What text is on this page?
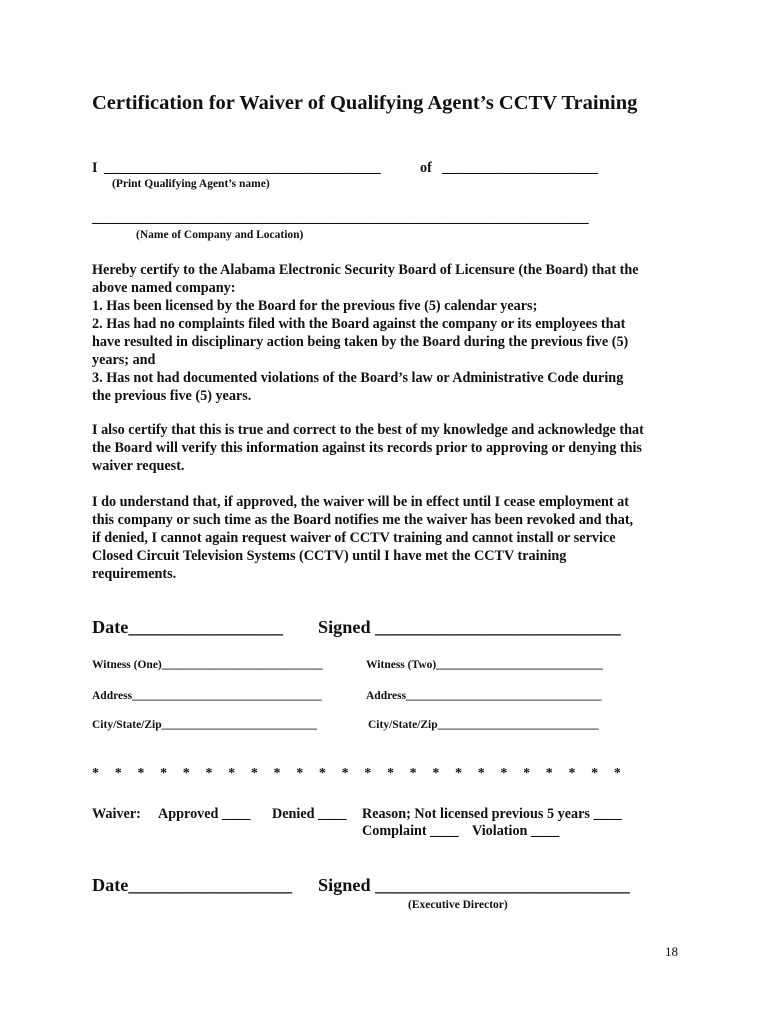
Certification for Waiver of Qualifying Agent’s CCTV Training
I _______________________________________	of ______________________
(Print Qualifying Agent’s name)
______________________________________________________________________
(Name of Company and Location)
Hereby certify to the Alabama Electronic Security Board of Licensure (the Board) that the
above named company:
1. Has been licensed by the Board for the previous five (5) calendar years;
2. Has had no complaints filed with the Board against the company or its employees that
have resulted in disciplinary action being taken by the Board during the previous five (5)
years; and
3. Has not had documented violations of the Board’s law or Administrative Code during
the previous five (5) years.
I also certify that this is true and correct to the best of my knowledge and acknowledge that
the Board will verify this information against its records prior to approving or denying this
waiver request.
I do understand that, if approved, the waiver will be in effect until I cease employment at
this company or such time as the Board notifies me the waiver has been revoked and that,
if denied, I cannot again request waiver of CCTV training and cannot install or service
Closed Circuit Television Systems (CCTV) until I have met the CCTV training
requirements.
Date_________________ Signed ___________________________
Witness (One)____________________________	Witness (Two)_____________________________
Address_________________________________	Address__________________________________
City/State/Zip___________________________	City/State/Zip____________________________
* * * * * * * * * * * * * * * * * * * * * * * *
Waiver: Approved ____ Denied ____ Reason; Not licensed previous 5 years ____
Complaint ____ Violation ____
Date__________________ Signed ____________________________
(Executive Director)
18
